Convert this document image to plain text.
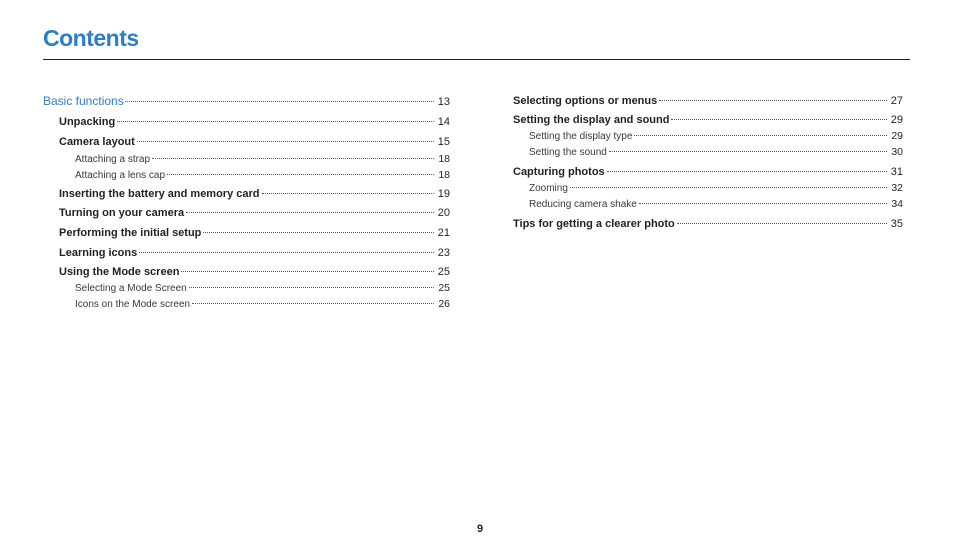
Contents
Basic functions	13
Unpacking	14
Camera layout	15
Attaching a strap	18
Attaching a lens cap	18
Inserting the battery and memory card	19
Turning on your camera	20
Performing the initial setup	21
Learning icons	23
Using the Mode screen	25
Selecting a Mode Screen	25
Icons on the Mode screen	26
Selecting options or menus	27
Setting the display and sound	29
Setting the display type	29
Setting the sound	30
Capturing photos	31
Zooming	32
Reducing camera shake	34
Tips for getting a clearer photo	35
9
